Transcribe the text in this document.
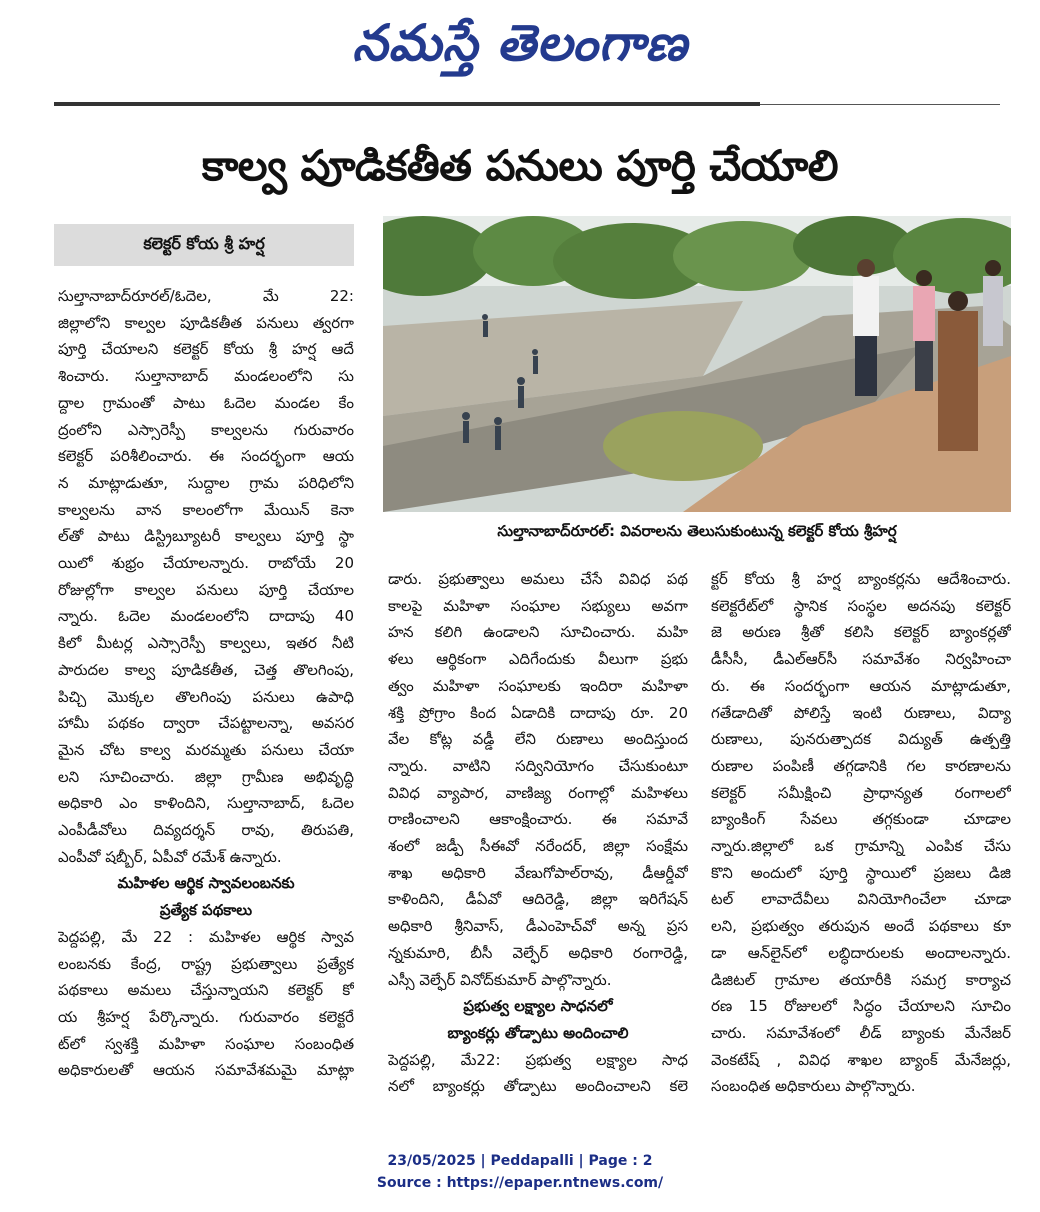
నమస్తే తెలంగాణ
కాల్వ పూడికతీత పనులు పూర్తి చేయాలి
కలెక్టర్ కోయ శ్రీ హర్ష
సుల్తానాబాద్‌రూరల్: వివరాలను తెలుసుకుంటున్న కలెక్టర్ కోయ శ్రీహర్ష
సుల్తానాబాద్‌రూరల్/ఓదెల, మే 22:
జిల్లాలోని కాల్వల పూడికతీత పనులు త్వరగా
పూర్తి చేయాలని కలెక్టర్ కోయ శ్రీ హర్ష ఆదే
శించారు. సుల్తానాబాద్ మండలంలోని సు
ద్దాల గ్రామంతో పాటు ఓదెల మండల కేం
ద్రంలోని ఎస్సారెస్పీ కాల్వలను గురువారం
కలెక్టర్ పరిశీలించారు. ఈ సందర్భంగా ఆయ
న మాట్లాడుతూ, సుద్దాల గ్రామ పరిధిలోని
కాల్వలను వాన కాలంలోగా మేయిన్ కెనా
ల్‌తో పాటు డిస్ట్రిబ్యూటరీ కాల్వలు పూర్తి స్థా
యిలో శుభ్రం చేయాలన్నారు. రాబోయే 20
రోజుల్లోగా కాల్వల పనులు పూర్తి చేయాల
న్నారు. ఓదెల మండలంలోని దాదాపు 40
కిలో మీటర్ల ఎస్సారెస్పీ కాల్వలు, ఇతర నీటి
పారుదల కాల్వ పూడికతీత, చెత్త తొలగింపు,
పిచ్చి మొక్కల తొలగింపు పనులు ఉపాధి
హామీ పథకం ద్వారా చేపట్టాలన్నా, అవసర
మైన చోట కాల్వ మరమ్మతు పనులు చేయా
లని సూచించారు. జిల్లా గ్రామీణ అభివృద్ధి
అధికారి ఎం కాళిందిని, సుల్తానాబాద్, ఓదెల
ఎంపీడీవోలు దివ్యదర్శన్ రావు, తిరుపతి,
ఎంపీవో షబ్బీర్, ఏపీవో రమేశ్ ఉన్నారు.
మహిళల ఆర్థిక స్వావలంబనకు
ప్రత్యేక పథకాలు
పెద్దపల్లి, మే 22 : మహిళల ఆర్థిక స్వావ
లంబనకు కేంద్ర, రాష్ట్ర ప్రభుత్వాలు ప్రత్యేక
పథకాలు అమలు చేస్తున్నాయని కలెక్టర్ కో
య శ్రీహర్ష పేర్కొన్నారు. గురువారం కలెక్టరే
ట్‌లో స్వశక్తి మహిళా సంఘాల సంబంధిత
అధికారులతో ఆయన సమావేశమమై మాట్లా
డారు. ప్రభుత్వాలు అమలు చేసే వివిధ పథ
కాలపై మహిళా సంఘాల సభ్యులు అవగా
హన కలిగి ఉండాలని సూచించారు. మహి
ళలు ఆర్థికంగా ఎదిగేందుకు వీలుగా ప్రభు
త్వం మహిళా సంఘాలకు ఇందిరా మహిళా
శక్తి ప్రోగ్రాం కింద ఏడాదికి దాదాపు రూ. 20
వేల కోట్ల వడ్డీ లేని రుణాలు అందిస్తుంద
న్నారు. వాటిని సద్వినియోగం చేసుకుంటూ
వివిధ వ్యాపార, వాణిజ్య రంగాల్లో మహిళలు
రాణించాలని ఆకాంక్షించారు. ఈ సమావే
శంలో జడ్పీ సీఈవో నరేందర్, జిల్లా సంక్షేమ
శాఖ అధికారి వేణుగోపాల్‌రావు, డీఆర్డీవో
కాళిందిని, డీఏవో ఆదిరెడ్డి, జిల్లా ఇరిగేషన్
అధికారి శ్రీనివాస్, డీఎంహెచ్‌వో అన్న ప్రస
న్నకుమారి, బీసీ వెల్ఫేర్ అధికారి రంగారెడ్డి,
ఎస్సీ వెల్ఫేర్ వినోద్‌కుమార్ పాల్గొన్నారు.
ప్రభుత్వ లక్ష్యాల సాధనలో
బ్యాంకర్లు తోడ్పాటు అందించాలి
పెద్దపల్లి, మే22: ప్రభుత్వ లక్ష్యాల సాధ
నలో బ్యాంకర్లు తోడ్పాటు అందించాలని కలె
క్టర్ కోయ శ్రీ హర్ష బ్యాంకర్లను ఆదేశించారు.
కలెక్టరేట్‌లో స్థానిక సంస్థల అదనపు కలెక్టర్
జె అరుణ శ్రీతో కలిసి కలెక్టర్ బ్యాంకర్లతో
డీసీసీ, డీఎల్‌ఆర్‌సీ సమావేశం నిర్వహించా
రు. ఈ సందర్భంగా ఆయన మాట్లాడుతూ,
గతేడాదితో పోలిస్తే ఇంటి రుణాలు, విద్యా
రుణాలు, పునరుత్పాదక విద్యుత్ ఉత్పత్తి
రుణాల పంపిణీ తగ్గడానికి గల కారణాలను
కలెక్టర్ సమీక్షించి ప్రాధాన్యత రంగాలలో
బ్యాంకింగ్ సేవలు తగ్గకుండా చూడాల
న్నారు.జిల్లాలో ఒక గ్రామాన్ని ఎంపిక చేసు
కొని అందులో పూర్తి స్థాయిలో ప్రజలు డిజి
టల్ లావాదేవీలు వినియోగించేలా చూడా
లని, ప్రభుత్వం తరుపున అందే పథకాలు కూ
డా ఆన్‌లైన్‌లో లబ్ధిదారులకు అందాలన్నారు.
డిజిటల్ గ్రామాల తయారీకి సమగ్ర కార్యాచ
రణ 15 రోజులలో సిద్ధం చేయాలని సూచిం
చారు. సమావేశంలో లీడ్ బ్యాంకు మేనేజర్
వెంకటేష్ , వివిధ శాఖల బ్యాంక్ మేనేజర్లు,
సంబంధిత అధికారులు పాల్గొన్నారు.
23/05/2025 | Peddapalli | Page : 2
Source : https://epaper.ntnews.com/
